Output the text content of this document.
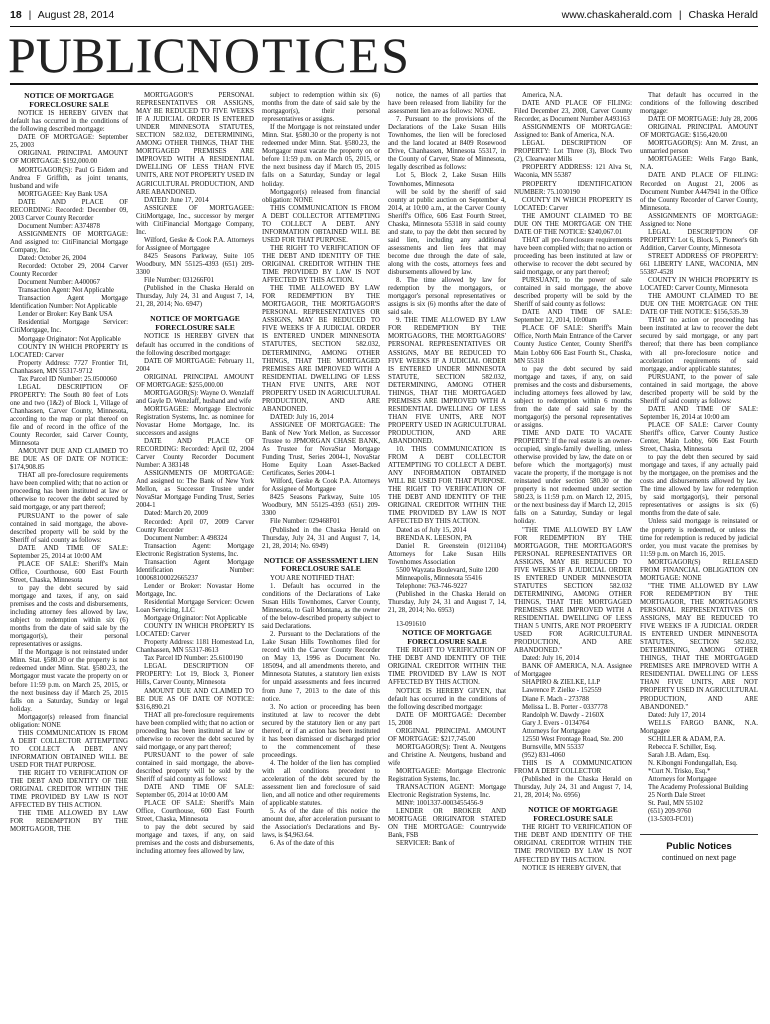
18 | August 28, 2014	www.chaskaherald.com | Chaska Herald
PUBLICNOTICES
NOTICE OF MORTGAGE FORECLOSURE SALE

NOTICE IS HEREBY GIVEN that default has occurred in the conditions of the following described mortgage:

DATE OF MORTGAGE: September 25, 2003

ORIGINAL PRINCIPAL AMOUNT OF MORTGAGE: $192,000.00

MORTGAGOR(S): Paul G Eidem and Andrea F Griffith, as joint tenants, husband and wife

MORTGAGEE: Key Bank USA

DATE AND PLACE OF RECORDING: Recorded: December 09, 2003 Carver County Recorder

Document Number: A374878

ASSIGNMENTS OF MORTGAGE: And assigned to: CitiFinancial Mortgage Company, Inc.

Dated: October 26, 2004

Recorded: October 29, 2004 Carver County Recorder

Document Number: A400067

Transaction Agent: Not Applicable

Transaction Agent Mortgage Identification Number: Not Applicable

Lender or Broker: Key Bank USA

Residential Mortgage Servicer: CitiMortgage, Inc.

Mortgage Originator: Not Applicable

COUNTY IN WHICH PROPERTY IS LOCATED: Carver

Property Address: 7727 Frontier Trl, Chanhassen, MN 55317-9712

Tax Parcel ID Number: 25.0500060

LEGAL DESCRIPTION OF PROPERTY: The South 80 feet of Lots one and two (1&2) of Block 1, Village of Chanhassen, Carver County, Minnesota, according to the map or plat thereof on file and of record in the office of the County Recorder, said Carver County, Minnesota

AMOUNT DUE AND CLAIMED TO BE DUE AS OF DATE OF NOTICE: $174,908.85

THAT all pre-foreclosure requirements have been complied with; that no action or proceeding has been instituted at law or otherwise to recover the debt secured by said mortgage, or any part thereof;

PURSUANT to the power of sale contained in said mortgage, the above-described property will be sold by the Sheriff of said county as follows:

DATE AND TIME OF SALE: September 25, 2014 at 10:00 AM

PLACE OF SALE: Sheriff's Main Office, Courthouse, 600 East Fourth Street, Chaska, Minnesota

to pay the debt secured by said mortgage and taxes, if any, on said premises and the costs and disbursements, including attorney fees allowed by law, subject to redemption within six (6) months from the date of said sale by the mortgagor(s), their personal representatives or assigns.

If the Mortgage is not reinstated under Minn. Stat. §580.30 or the property is not redeemed under Minn. Stat. §580.23, the Mortgagor must vacate the property on or before 11:59 p.m. on March 25, 2015, or the next business day if March 25, 2015 falls on a Saturday, Sunday or legal holiday.

Mortgagor(s) released from financial obligation: NONE

THIS COMMUNICATION IS FROM A DEBT COLLECTOR ATTEMPTING TO COLLECT A DEBT. ANY INFORMATION OBTAINED WILL BE USED FOR THAT PURPOSE.

THE RIGHT TO VERIFICATION OF THE DEBT AND IDENTITY OF THE ORIGINAL CREDITOR WITHIN THE TIME PROVIDED BY LAW IS NOT AFFECTED BY THIS ACTION.

THE TIME ALLOWED BY LAW FOR REDEMPTION BY THE MORTGAGOR, THE

MORTGAGOR'S PERSONAL REPRESENTATIVES OR ASSIGNS, MAY BE REDUCED TO FIVE WEEKS IF A JUDICIAL ORDER IS ENTERED UNDER MINNESOTA STATUTES, SECTION 582.032, DETERMINING, AMONG OTHER THINGS, THAT THE MORTGAGED PREMISES ARE IMPROVED WITH A RESIDENTIAL DWELLING OF LESS THAN FIVE UNITS, ARE NOT PROPERTY USED IN AGRICULTURAL PRODUCTION, AND ARE ABANDONED.

DATED: June 17, 2014

ASSIGNEE OF MORTGAGEE: CitiMortgage, Inc., successor by merger with CitiFinancial Mortgage Company, Inc.

Wilford, Geske & Cook P.A. Attorneys for Assignee of Mortgagee

8425 Seasons Parkway, Suite 105 Woodbury, MN 55125-4393 (651) 209-3300

File Number: 031266F01

(Published in the Chaska Herald on Thursday, July 24, 31 and August 7, 14, 21, 28, 2014; No. 6947)

NOTICE OF MORTGAGE FORECLOSURE SALE

NOTICE IS HEREBY GIVEN that default has occurred in the conditions of the following described mortgage:

DATE OF MORTGAGE: February 11, 2004

ORIGINAL PRINCIPAL AMOUNT OF MORTGAGE: $255,000.00

MORTGAGOR(S): Wayne O. Wenzlaff and Gayle D. Wenzlaff, husband and wife

MORTGAGEE: Mortgage Electronic Registration Systems, Inc. as nominee for Novastar Home Mortgage, Inc. its successors and assigns

DATE AND PLACE OF RECORDING: Recorded: April 02, 2004 Carver County Recorder Document Number: A 383148

ASSIGNMENTS OF MORTGAGE: And assigned to: The Bank of New York Mellon, as Successor Trustee under NovaStar Mortgage Funding Trust, Series 2004-1

Dated: March 20, 2009

Recorded: April 07, 2009 Carver County Recorder

Document Number: A 498324

Transaction Agent: Mortgage Electronic Registration Systems, Inc.

Transaction Agent Mortgage Identification Number: 100068100022665237

Lender or Broker: Novastar Home Mortgage, Inc.

Residential Mortgage Servicer: Ocwen Loan Servicing, LLC

Mortgage Originator: Not Applicable

COUNTY IN WHICH PROPERTY IS LOCATED: Carver

Property Address: 1181 Homestead Ln, Chanhassen, MN 55317-8613

Tax Parcel ID Number: 25.6100190

LEGAL DESCRIPTION OF PROPERTY: Lot 19, Block 3, Pioneer Hills, Carver County, Minnesota

AMOUNT DUE AND CLAIMED TO BE DUE AS OF DATE OF NOTICE: $316,890.21

THAT all pre-foreclosure requirements have been complied with; that no action or proceeding has been instituted at law or otherwise to recover the debt secured by said mortgage, or any part thereof;

PURSUANT to the power of sale contained in said mortgage, the above-described property will be sold by the Sheriff of said county as follows:

DATE AND TIME OF SALE: September 05, 2014 at 10:00 AM

PLACE OF SALE: Sheriff's Main Office, Courthouse, 600 East Fourth Street, Chaska, Minnesota

to pay the debt secured by said mortgage and taxes, if any, on said premises and the costs and disbursements, including attorney fees allowed by law,

subject to redemption within six (6) months from the date of said sale by the mortgagor(s), their personal representatives or assigns.

If the Mortgage is not reinstated under Minn. Stat. §580.30 or the property is not redeemed under Minn. Stat. §580.23, the Mortgagor must vacate the property on or before 11:59 p.m. on March 05, 2015, or the next business day if March 05, 2015 falls on a Saturday, Sunday or legal holiday.

Mortgagor(s) released from financial obligation: NONE

THIS COMMUNICATION IS FROM A DEBT COLLECTOR ATTEMPTING TO COLLECT A DEBT. ANY INFORMATION OBTAINED WILL BE USED FOR THAT PURPOSE.

THE RIGHT TO VERIFICATION OF THE DEBT AND IDENTITY OF THE ORIGINAL CREDITOR WITHIN THE TIME PROVIDED BY LAW IS NOT AFFECTED BY THIS ACTION.

THE TIME ALLOWED BY LAW FOR REDEMPTION BY THE MORTGAGOR, THE MORTGAGOR'S PERSONAL REPRESENTATIVES OR ASSIGNS, MAY BE REDUCED TO FIVE WEEKS IF A JUDICIAL ORDER IS ENTERED UNDER MINNESOTA STATUTES, SECTION 582.032, DETERMINING, AMONG OTHER THINGS, THAT THE MORTGAGED PREMISES ARE IMPROVED WITH A RESIDENTIAL DWELLING OF LESS THAN FIVE UNITS, ARE NOT PROPERTY USED IN AGRICULTURAL PRODUCTION, AND ARE ABANDONED.

DATED: July 16, 2014

ASSIGNEE OF MORTGAGEE: The Bank of New York Mellon, as Successor Trustee to JPMORGAN CHASE BANK, As Trustee for NovaStar Mortgage Funding Trust, Series 2004-1, NovaStar Home Equity Loan Asset-Backed Certificates, Series 2004-1

Wilford, Geske & Cook P.A. Attorneys for Assignee of Mortgagee

8425 Seasons Parkway, Suite 105 Woodbury, MN 55125-4393 (651) 209-3300

File Number: 029468F01

(Published in the Chaska Herald on Thursday, July 24, 31 and August 7, 14, 21, 28, 2014; No. 6949)

NOTICE OF ASSESSMENT LIEN FORECLOSURE SALE

YOU ARE NOTIFIED THAT:

1. Default has occurred in the conditions of the Declarations of Lake Susan Hills Townhomes, Carver County, Minnesota, to Gail Montana, as the owner of the below-described property subject to said Declarations.

2. Pursuant to the Declarations of the Lake Susan Hills Townhomes filed for record with the Carver County Recorder on May 13, 1996 as Document No. 185094, and all amendments thereto, and Minnesota Statutes, a statutory lien exists for unpaid assessments and fees incurred from June 7, 2013 to the date of this notice.

3. No action or proceeding has been instituted at law to recover the debt secured by the statutory lien or any part thereof, or if an action has been instituted it has been dismissed or discharged prior to the commencement of these proceedings.

4. The holder of the lien has complied with all conditions precedent to acceleration of the debt secured by the assessment lien and foreclosure of said lien, and all notice and other requirements of applicable statutes.

5. As of the date of this notice the amount due, after acceleration pursuant to the Association's Declarations and By-laws, is $4,963.64.

6. As of the date of this

notice, the names of all parties that have been released from liability for the assessment lien are as follows: NONE.

7. Pursuant to the provisions of the Declarations of the Lake Susan Hills Townhomes, the lien will be foreclosed and the land located at 8409 Rosewood Drive, Chanhassen, Minnesota 55317, in the County of Carver, State of Minnesota, legally described as follows:

Lot 5, Block 2, Lake Susan Hills Townhomes, Minnesota

will be sold by the sheriff of said county at public auction on September 4, 2014, at 10:00 a.m., at the Carver County Sheriff's Office, 606 East Fourth Street, Chaska, Minnesota 55318 in said county and state, to pay the debt then secured by said lien, including any additional assessments and lien fees that may become due through the date of sale, along with the costs, attorneys fees and disbursements allowed by law.

8. The time allowed by law for redemption by the mortgagors, or mortgagor's personal representatives or assigns is six (6) months after the date of said sale.

9. THE TIME ALLOWED BY LAW FOR REDEMPTION BY THE MORTGAGORS, THE MORTGAGORS' PERSONAL REPRESENTATIVES OR ASSIGNS, MAY BE REDUCED TO FIVE WEEKS IF A JUDICIAL ORDER IS ENTERED UNDER MINNESOTA STATUTE, SECTION 582.032, DETERMINING, AMONG OTHER THINGS, THAT THE MORTGAGED PREMISES ARE IMPROVED WITH A RESIDENTIAL DWELLING OF LESS THAN FIVE UNITS, ARE NOT PROPERTY USED IN AGRICULTURAL PRODUCTION, AND ARE ABANDONED.

10. THIS COMMUNICATION IS FROM A DEBT COLLECTOR ATTEMPTING TO COLLECT A DEBT. ANY INFORMATION OBTAINED WILL BE USED FOR THAT PURPOSE. THE RIGHT TO VERIFICATION OF THE DEBT AND IDENTITY OF THE ORIGINAL CREDITOR WITHIN THE TIME PROVIDED BY LAW IS NOT AFFECTED BY THIS ACTION.

Dated as of July 15, 2014

BRENDA K. LEESON, PA

Daniel R. Greenstein (0121104) Attorneys for Lake Susan Hills Townhomes Association

5500 Wayzata Boulevard, Suite 1200

Minneapolis, Minnesota 55416

Telephone: 763-746-9227

(Published in the Chaska Herald on Thursday, July 24, 31 and August 7, 14, 21, 28, 2014; No. 6953)

13-091610

NOTICE OF MORTGAGE FORECLOSURE SALE

THE RIGHT TO VERIFICATION OF THE DEBT AND IDENTITY OF THE ORIGINAL CREDITOR WITHIN THE TIME PROVIDED BY LAW IS NOT AFFECTED BY THIS ACTION.

NOTICE IS HEREBY GIVEN, that default has occurred in the conditions of the following described mortgage:

DATE OF MORTGAGE: December 15, 2008

ORIGINAL PRINCIPAL AMOUNT OF MORTGAGE: $217,745.00

MORTGAGOR(S): Trent A. Neutgens and Christine A. Neutgens, husband and wife

MORTGAGEE: Mortgage Electronic Registration Systems, Inc.

TRANSACTION AGENT: Mortgage Electronic Registration Systems, Inc.

MIN#: 1001337-0003455456-9

LENDER OR BROKER AND MORTGAGE ORIGINATOR STATED ON THE MORTGAGE: Countrywide Bank, FSB

SERVICER: Bank of

America, N.A.

DATE AND PLACE OF FILING: Filed December 23, 2008, Carver County Recorder, as Document Number A493163

ASSIGNMENTS OF MORTGAGE: Assigned to: Bank of America, N.A.

LEGAL DESCRIPTION OF PROPERTY: Lot Three (3), Block Two (2), Clearwater Mills

PROPERTY ADDRESS: 121 Alva St, Waconia, MN 55387

PROPERTY IDENTIFICATION NUMBER: 75.1030190

COUNTY IN WHICH PROPERTY IS LOCATED: Carver

THE AMOUNT CLAIMED TO BE DUE ON THE MORTGAGE ON THE DATE OF THE NOTICE: $240,067.01

THAT all pre-foreclosure requirements have been complied with; that no action or proceeding has been instituted at law or otherwise to recover the debt secured by said mortgage, or any part thereof;

PURSUANT, to the power of sale contained in said mortgage, the above described property will be sold by the Sheriff of said county as follows:

DATE AND TIME OF SALE: September 12, 2014, 10:00am

PLACE OF SALE: Sheriff's Main Office, North Main Entrance of the Carver County Justice Center, County Sheriff's Main Lobby 606 East Fourth St., Chaska, MN 55318

to pay the debt secured by said mortgage and taxes, if any, on said premises and the costs and disbursements, including attorneys fees allowed by law, subject to redemption within 6 months from the date of said sale by the mortgagor(s) the personal representatives or assigns.

TIME AND DATE TO VACATE PROPERTY: If the real estate is an owner-occupied, single-family dwelling, unless otherwise provided by law, the date on or before which the mortgagor(s) must vacate the property, if the mortgage is not reinstated under section 580.30 or the property is not redeemed under section 580.23, is 11:59 p.m. on March 12, 2015, or the next business day if March 12, 2015 falls on a Saturday, Sunday or legal holiday.

"THE TIME ALLOWED BY LAW FOR REDEMPTION BY THE MORTGAGOR, THE MORTGAGOR'S PERSONAL REPRESENTATIVES OR ASSIGNS, MAY BE REDUCED TO FIVE WEEKS IF A JUDICIAL ORDER IS ENTERED UNDER MINNESOTA STATUTES SECTION 582.032 DETERMINING, AMONG OTHER THINGS, THAT THE MORTGAGED PREMISES ARE IMPROVED WITH A RESIDENTIAL DWELLING OF LESS THAN 5 UNITS, ARE NOT PROPERTY USED FOR AGRICULTURAL PRODUCTION, AND ARE ABANDONED."

Dated: July 16, 2014

BANK OF AMERICA, N.A. Assignee of Mortgagee

SHAPIRO & ZIELKE, LLP

Lawrence P. Zielke - 152559

Diane F. Mach - 273788

Melissa L. B. Porter - 0337778

Randolph W. Dawdy - 2160X

Gary J. Evers - 0134764

Attorneys for Mortgagee

12550 West Frontage Road, Ste. 200

Burnsville, MN 55337

(952) 831-4060

THIS IS A COMMUNICATION FROM A DEBT COLLECTOR

(Published in the Chaska Herald on Thursday, July 24, 31 and August 7, 14, 21, 28, 2014; No. 6956)

NOTICE OF MORTGAGE FORECLOSURE SALE

THE RIGHT TO VERIFICATION OF THE DEBT AND IDENTITY OF THE ORIGINAL CREDITOR WITHIN THE TIME PROVIDED BY LAW IS NOT AFFECTED BY THIS ACTION.

NOTICE IS HEREBY GIVEN, that

That default has occurred in the conditions of the following described mortgage:

DATE OF MORTGAGE: July 28, 2006

ORIGINAL PRINCIPAL AMOUNT OF MORTGAGE: $156,420.00

MORTGAGOR(S): Ann M. Zrust, an unmarried person

MORTGAGEE: Wells Fargo Bank, N.A.

DATE AND PLACE OF FILING: Recorded on August 21, 2006 as Document Number A447941 in the Office of the County Recorder of Carver County, Minnesota.

ASSIGNMENTS OF MORTGAGE: Assigned to: None

LEGAL DESCRIPTION OF PROPERTY: Lot 6, Block 5, Pioneer's 6th Addition, Carver County, Minnesota

STREET ADDRESS OF PROPERTY: 661 LIBERTY LANE, WACONIA, MN 55387-4528

COUNTY IN WHICH PROPERTY IS LOCATED: Carver County, Minnesota

THE AMOUNT CLAIMED TO BE DUE ON THE MORTGAGE ON THE DATE OF THE NOTICE: $156,535.39

THAT no action or proceeding has been instituted at law to recover the debt secured by said mortgage, or any part thereof; that there has been compliance with all pre-foreclosure notice and acceleration requirements of said mortgage, and/or applicable statutes;

PURSUANT, to the power of sale contained in said mortgage, the above described property will be sold by the Sheriff of said county as follows:

DATE AND TIME OF SALE: September 16, 2014 at 10:00 am

PLACE OF SALE: Carver County Sheriff's office, Carver County Justice Center, Main Lobby, 606 East Fourth Street, Chaska, Minnesota

to pay the debt then secured by said mortgage and taxes, if any actually paid by the mortgagee, on the premises and the costs and disbursements allowed by law. The time allowed by law for redemption by said mortgagor(s), their personal representatives or assigns is six (6) months from the date of sale.

Unless said mortgage is reinstated or the property is redeemed, or unless the time for redemption is reduced by judicial order, you must vacate the premises by 11:59 p.m. on March 16, 2015.

MORTGAGOR(S) RELEASED FROM FINANCIAL OBLIGATION ON MORTGAGE: NONE

"THE TIME ALLOWED BY LAW FOR REDEMPTION BY THE MORTGAGOR, THE MORTGAGOR'S PERSONAL REPRESENTATIVES OR ASSIGNS, MAY BE REDUCED TO FIVE WEEKS IF A JUDICIAL ORDER IS ENTERED UNDER MINNESOTA STATUTES, SECTION 582.032, DETERMINING, AMONG OTHER THINGS, THAT THE MORTGAGED PREMISES ARE IMPROVED WITH A RESIDENTIAL DWELLING OF LESS THAN FIVE UNITS, ARE NOT PROPERTY USED IN AGRICULTURAL PRODUCTION, AND ARE ABANDONED."

Dated: July 17, 2014

WELLS FARGO BANK, N.A. Mortgagee

SCHILLER & ADAM, P.A.

Rebecca F. Schiller, Esq.

Sarah J.B. Adam, Esq.

N. Kibongni Fondungallah, Esq.

*Curt N. Trisko, Esq.*

Attorneys for Mortgagee

The Academy Professional Building

25 North Dale Street

St. Paul, MN 55102

(651) 209-9760

(13-5303-FC01)

Public Notices
continued on next page
